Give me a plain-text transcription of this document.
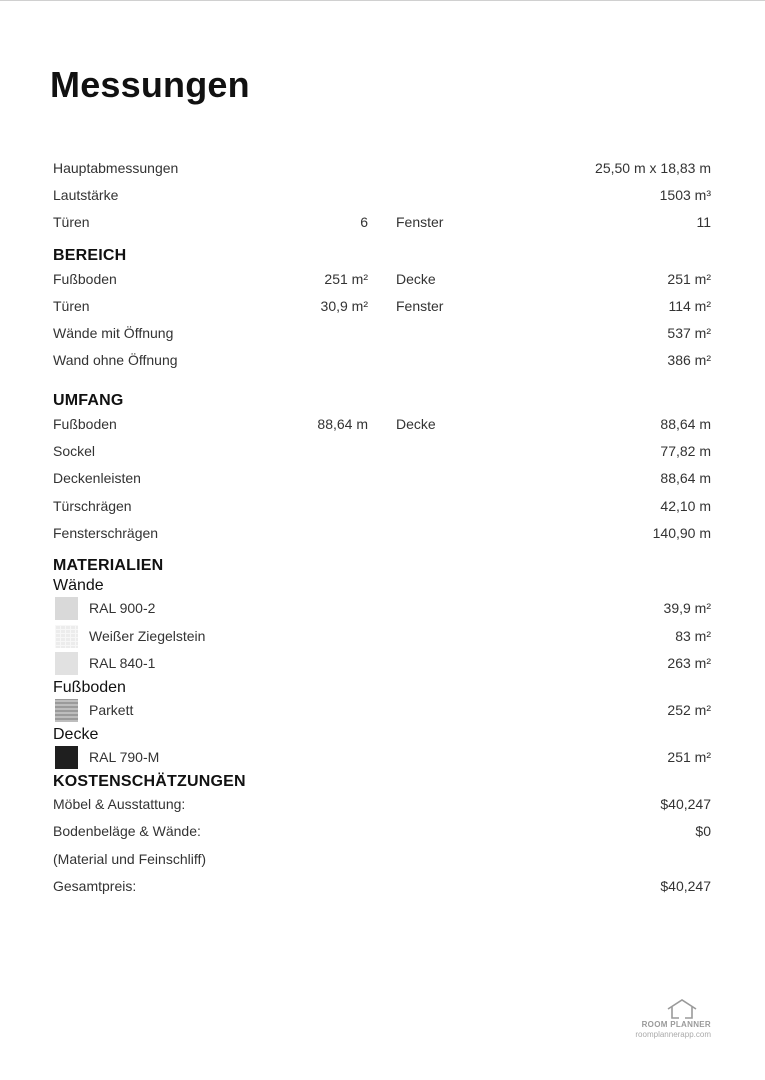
Messungen
Hauptabmessungen	25,50 m x 18,83 m
Lautstärke	1503 m³
Türen	6 Fenster	11
BEREICH
Fußboden	251 m² Decke	251 m²
Türen	30,9 m² Fenster	114 m²
Wände mit Öffnung	537 m²
Wand ohne Öffnung	386 m²
UMFANG
Fußboden	88,64 m Decke	88,64 m
Sockel	77,82 m
Deckenleisten	88,64 m
Türschrägen	42,10 m
Fensterschrägen	140,90 m
MATERIALIEN
Wände
RAL 900-2	39,9 m²
Weißer Ziegelstein	83 m²
RAL 840-1	263 m²
Fußboden
Parkett	252 m²
Decke
RAL 790-M	251 m²
KOSTENSCHÄTZUNGEN
Möbel & Ausstattung:	$40,247
Bodenbeläge & Wände:	$0
(Material und Feinschliff)
Gesamtpreis:	$40,247
ROOM PLANNER
roomplannerapp.com
